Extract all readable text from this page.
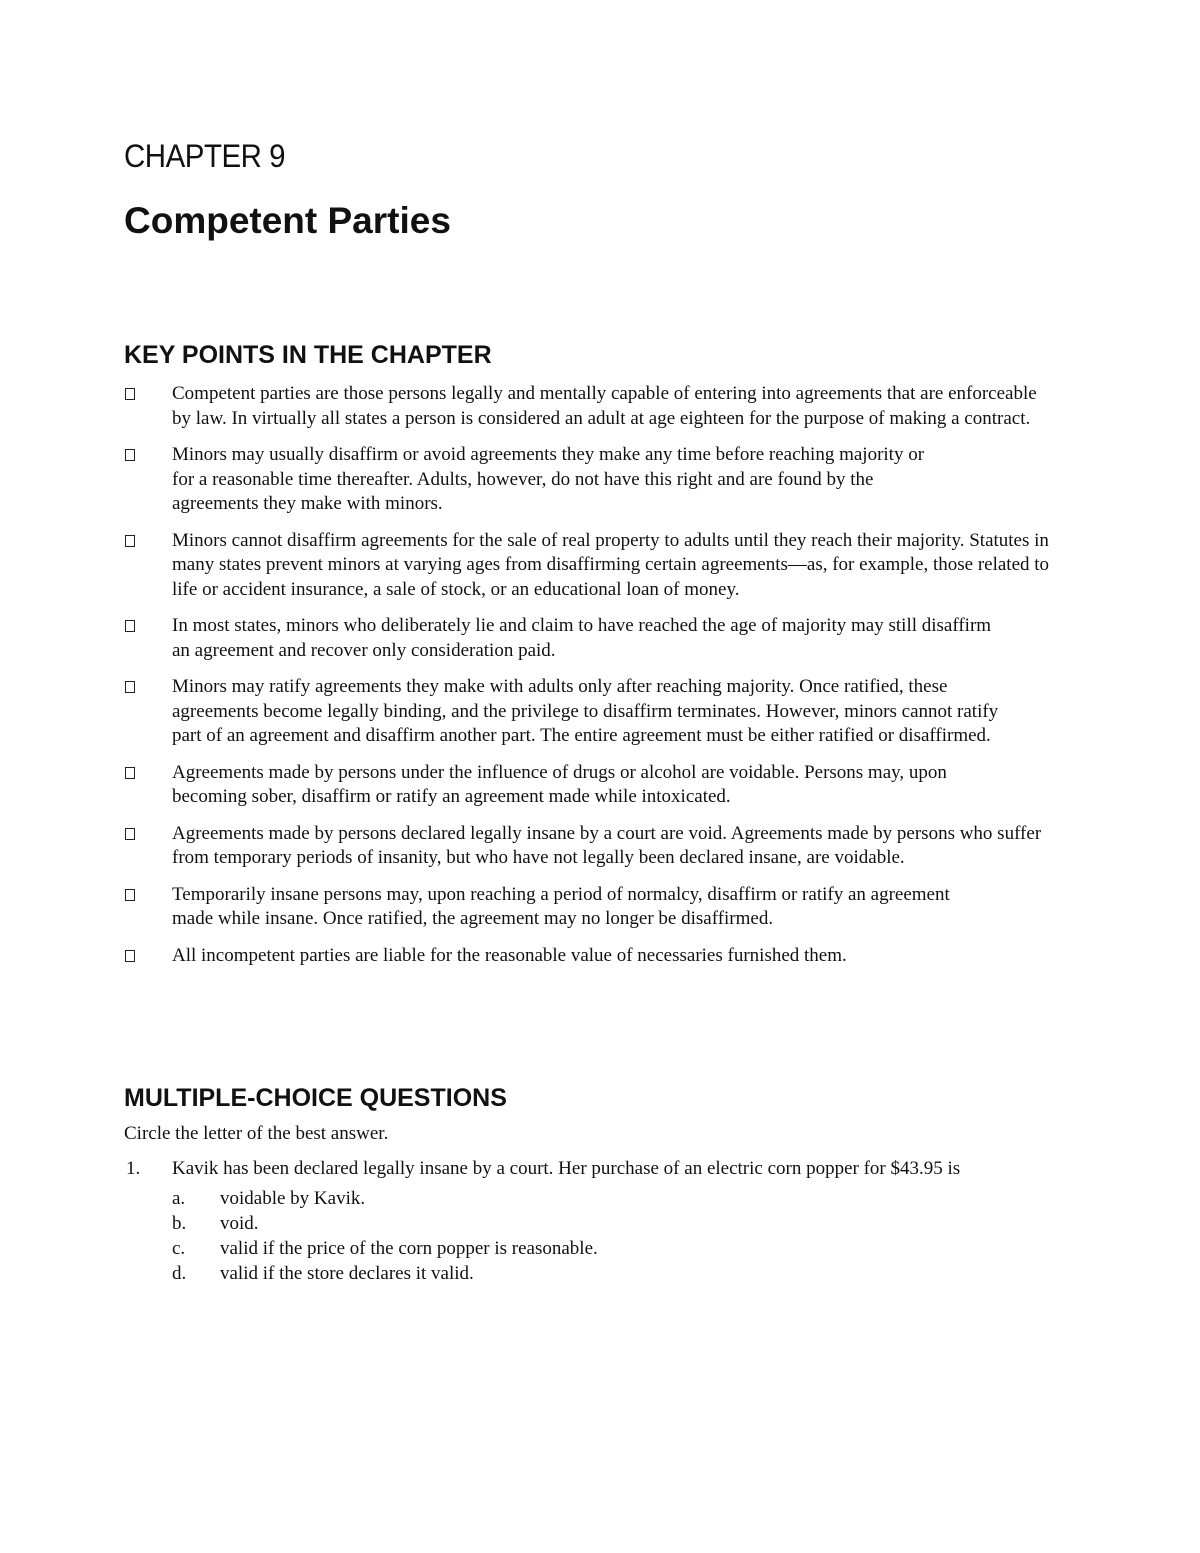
CHAPTER 9
Competent Parties
KEY POINTS IN THE CHAPTER
Competent parties are those persons legally and mentally capable of entering into agreements that are enforceable by law. In virtually all states a person is considered an adult at age eighteen for the purpose of making a contract.
Minors may usually disaffirm or avoid agreements they make any time before reaching majority or for a reasonable time thereafter. Adults, however, do not have this right and are found by the agreements they make with minors.
Minors cannot disaffirm agreements for the sale of real property to adults until they reach their majority. Statutes in many states prevent minors at varying ages from disaffirming certain agreements—as, for example, those related to life or accident insurance, a sale of stock, or an educational loan of money.
In most states, minors who deliberately lie and claim to have reached the age of majority may still disaffirm an agreement and recover only consideration paid.
Minors may ratify agreements they make with adults only after reaching majority. Once ratified, these agreements become legally binding, and the privilege to disaffirm terminates. However, minors cannot ratify part of an agreement and disaffirm another part. The entire agreement must be either ratified or disaffirmed.
Agreements made by persons under the influence of drugs or alcohol are voidable. Persons may, upon becoming sober, disaffirm or ratify an agreement made while intoxicated.
Agreements made by persons declared legally insane by a court are void. Agreements made by persons who suffer from temporary periods of insanity, but who have not legally been declared insane, are voidable.
Temporarily insane persons may, upon reaching a period of normalcy, disaffirm or ratify an agreement made while insane. Once ratified, the agreement may no longer be disaffirmed.
All incompetent parties are liable for the reasonable value of necessaries furnished them.
MULTIPLE-CHOICE QUESTIONS
Circle the letter of the best answer.
1.	Kavik has been declared legally insane by a court. Her purchase of an electric corn popper for $43.95 is
a. voidable by Kavik.
b. void.
c. valid if the price of the corn popper is reasonable.
d. valid if the store declares it valid.
